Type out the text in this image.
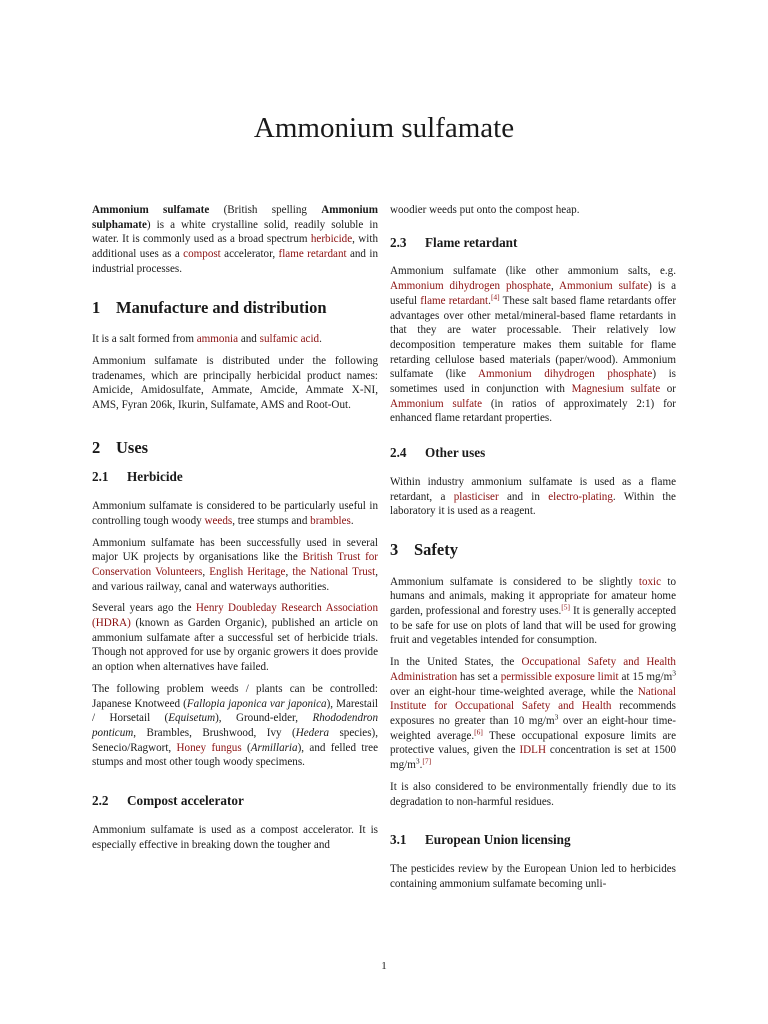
Ammonium sulfamate

Ammonium sulfamate (British spelling Ammonium sulphamate) is a white crystalline solid, readily soluble in water. It is commonly used as a broad spectrum herbicide, with additional uses as a compost accelerator, flame retardant and in industrial processes.

1 Manufacture and distribution

It is a salt formed from ammonia and sulfamic acid.

Ammonium sulfamate is distributed under the following tradenames, which are principally herbicidal product names: Amicide, Amidosulfate, Ammate, Amcide, Ammate X-NI, AMS, Fyran 206k, Ikurin, Sulfamate, AMS and Root-Out.

2 Uses
2.1 Herbicide

Ammonium sulfamate is considered to be particularly useful in controlling tough woody weeds, tree stumps and brambles.

Ammonium sulfamate has been successfully used in several major UK projects by organisations like the British Trust for Conservation Volunteers, English Heritage, the National Trust, and various railway, canal and waterways authorities.

Several years ago the Henry Doubleday Research Association (HDRA) (known as Garden Organic), published an article on ammonium sulfamate after a successful set of herbicide trials. Though not approved for use by organic growers it does provide an option when alternatives have failed.

The following problem weeds / plants can be controlled: Japanese Knotweed (Fallopia japonica var japonica), Marestail / Horsetail (Equisetum), Ground-elder, Rhododendron ponticum, Brambles, Brushwood, Ivy (Hedera species), Senecio/Ragwort, Honey fungus (Armillaria), and felled tree stumps and most other tough woody specimens.

2.2 Compost accelerator

Ammonium sulfamate is used as a compost accelerator. It is especially effective in breaking down the tougher and

woodier weeds put onto the compost heap.

2.3 Flame retardant

Ammonium sulfamate (like other ammonium salts, e.g. Ammonium dihydrogen phosphate, Ammonium sulfate) is a useful flame retardant.[4] These salt based flame retardants offer advantages over other metal/mineral-based flame retardants in that they are water processable. Their relatively low decomposition temperature makes them suitable for flame retarding cellulose based materials (paper/wood). Ammonium sulfamate (like Ammonium dihydrogen phosphate) is sometimes used in conjunction with Magnesium sulfate or Ammonium sulfate (in ratios of approximately 2:1) for enhanced flame retardant properties.

2.4 Other uses

Within industry ammonium sulfamate is used as a flame retardant, a plasticiser and in electro-plating. Within the laboratory it is used as a reagent.

3 Safety

Ammonium sulfamate is considered to be slightly toxic to humans and animals, making it appropriate for amateur home garden, professional and forestry uses.[5] It is generally accepted to be safe for use on plots of land that will be used for growing fruit and vegetables intended for consumption.

In the United States, the Occupational Safety and Health Administration has set a permissible exposure limit at 15 $mg/m^3$ over an eight-hour time-weighted average, while the National Institute for Occupational Safety and Health recommends exposures no greater than 10 $mg/m^3$ over an eight-hour time-weighted average.[6] These occupational exposure limits are protective values, given the IDLH concentration is set at 1500 $mg/m^3.[7]$

It is also considered to be environmentally friendly due to its degradation to non-harmful residues.

3.1 European Union licensing

The pesticides review by the European Union led to herbicides containing ammonium sulfamate becoming unli-

1
